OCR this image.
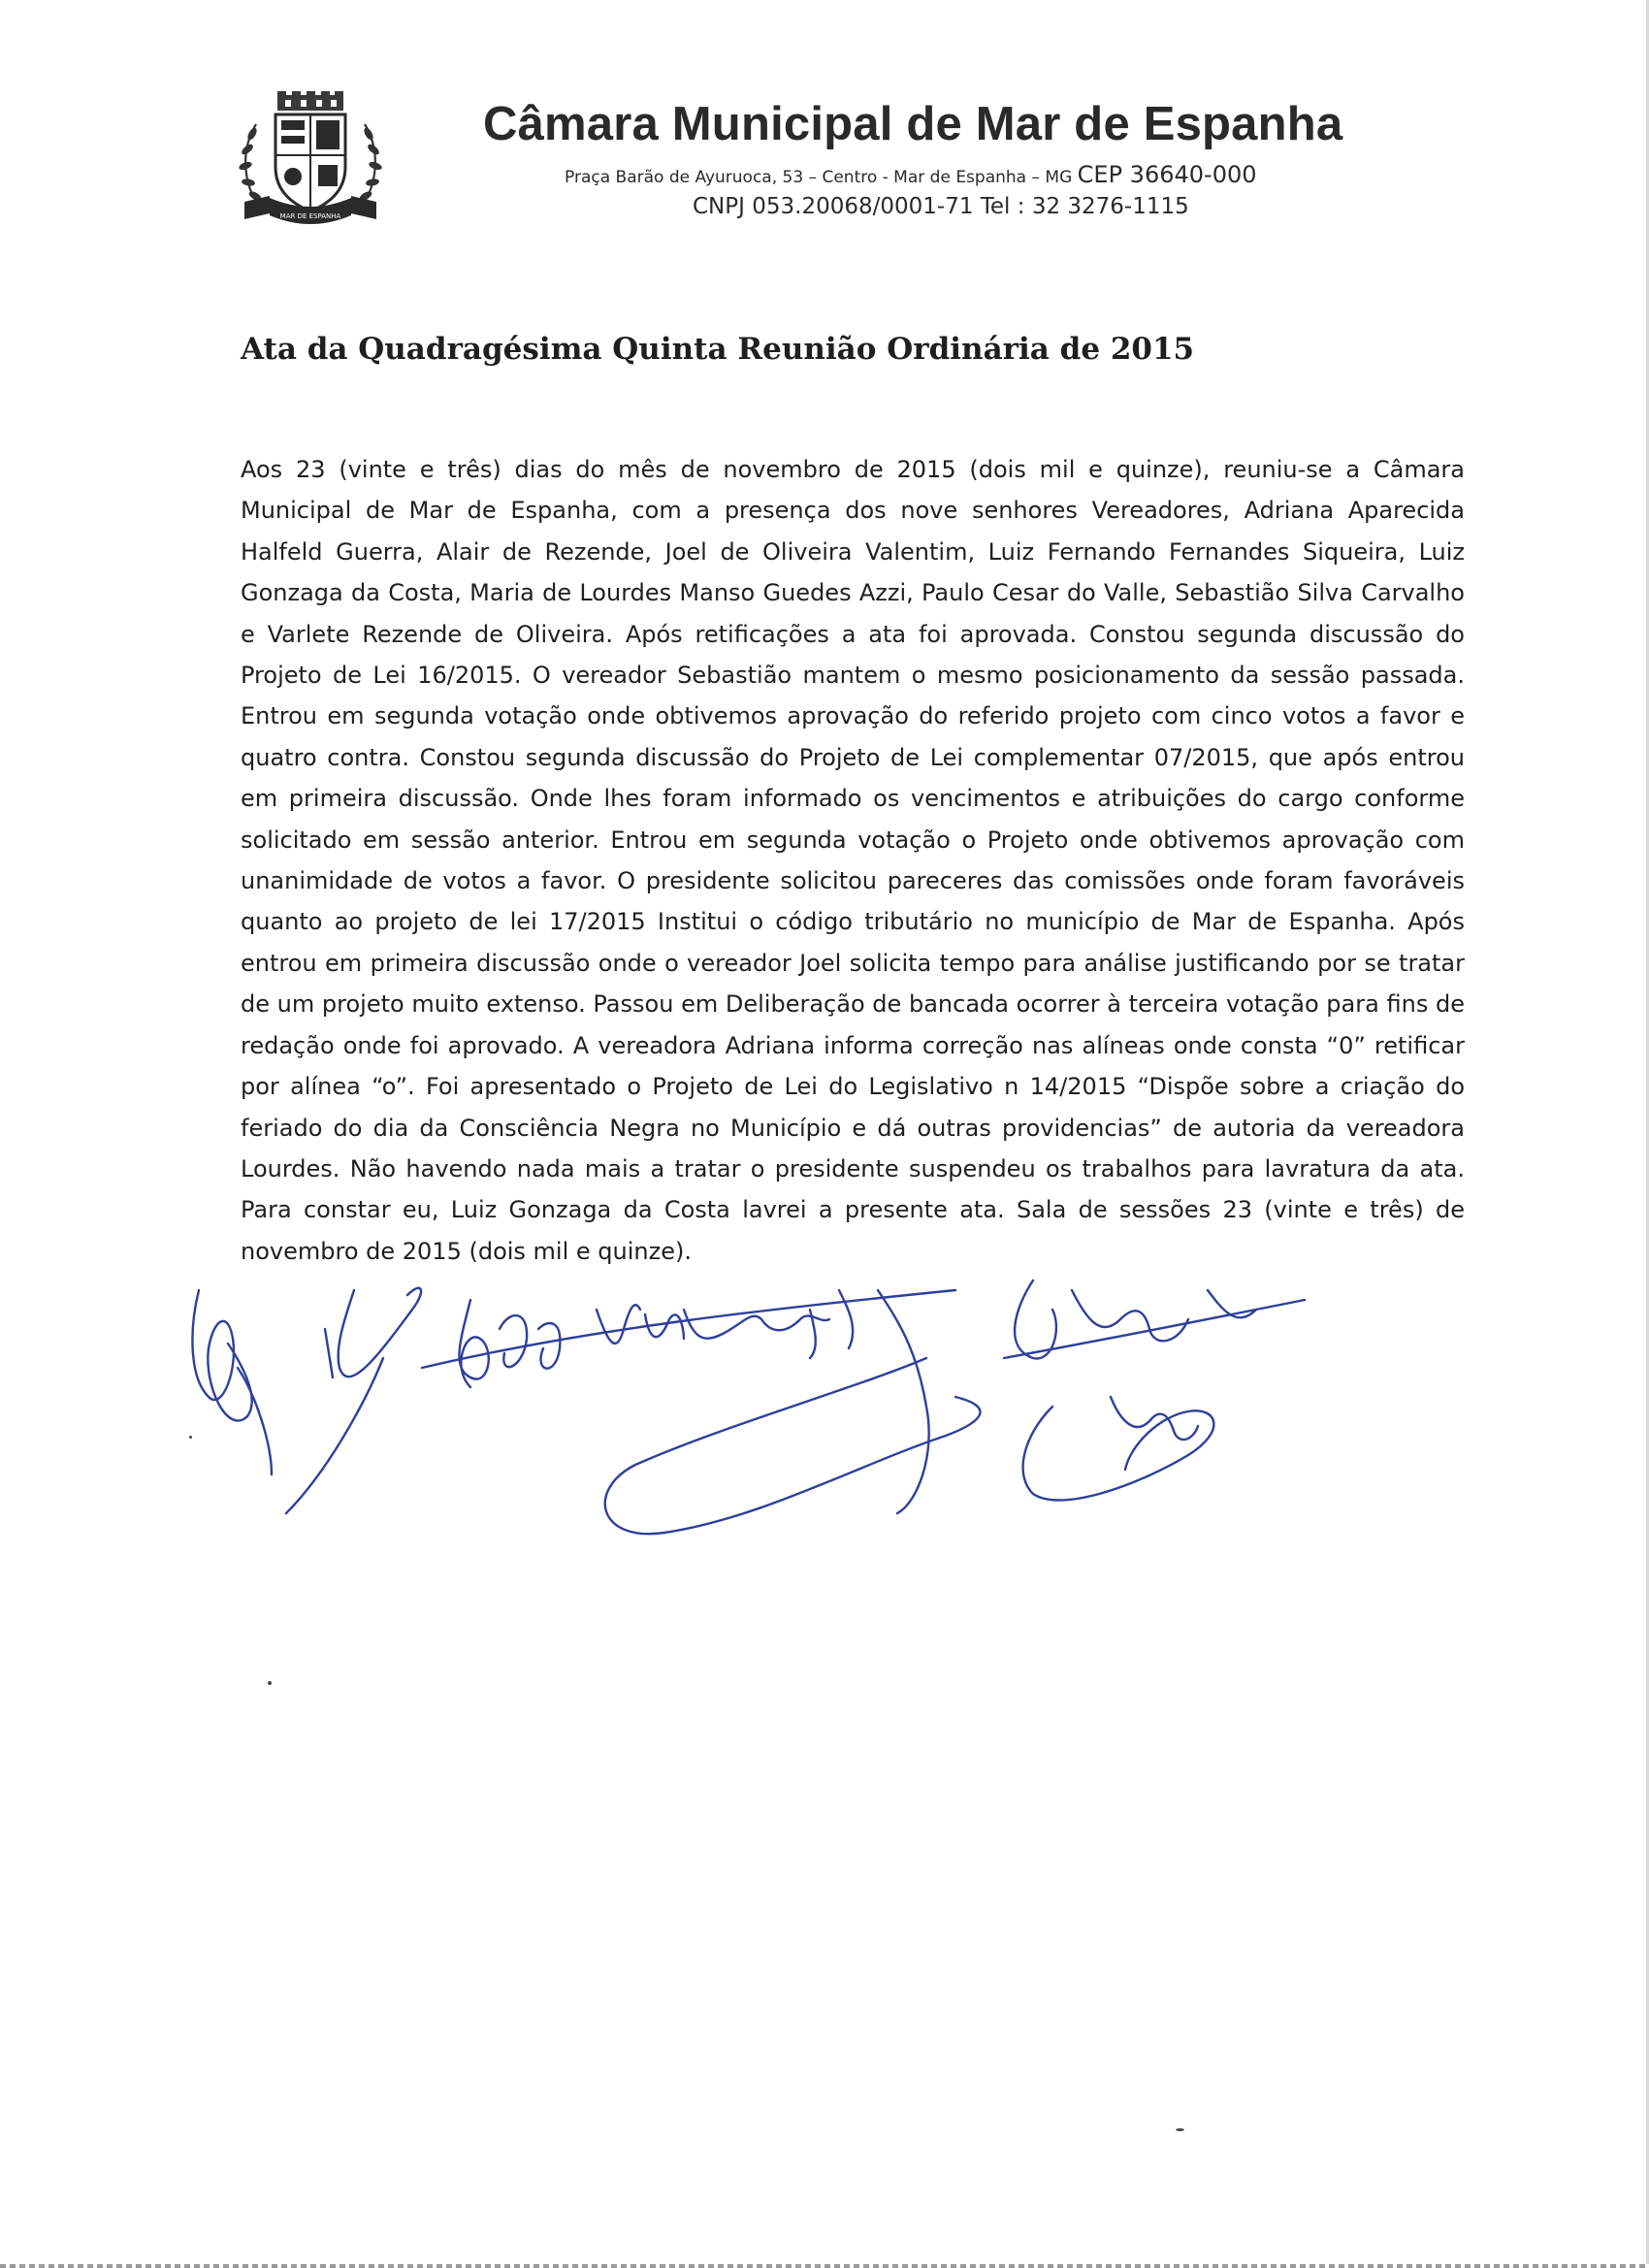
MAR DE ESPANHA
Câmara Municipal de Mar de Espanha
Praça Barão de Ayuruoca, 53 – Centro - Mar de Espanha – MG CEP 36640-000
CNPJ 053.20068/0001-71 Tel : 32 3276-1115
Ata da Quadragésima Quinta Reunião Ordinária de 2015
Aos 23 (vinte e três) dias do mês de novembro de 2015 (dois mil e quinze), reuniu-se a Câmara Municipal de Mar de Espanha, com a presença dos nove senhores Vereadores, Adriana Aparecida Halfeld Guerra, Alair de Rezende, Joel de Oliveira Valentim, Luiz Fernando Fernandes Siqueira, Luiz Gonzaga da Costa, Maria de Lourdes Manso Guedes Azzi, Paulo Cesar do Valle, Sebastião Silva Carvalho e Varlete Rezende de Oliveira. Após retificações a ata foi aprovada. Constou segunda discussão do Projeto de Lei 16/2015. O vereador Sebastião mantem o mesmo posicionamento da sessão passada. Entrou em segunda votação onde obtivemos aprovação do referido projeto com cinco votos a favor e quatro contra. Constou segunda discussão do Projeto de Lei complementar 07/2015, que após entrou em primeira discussão. Onde lhes foram informado os vencimentos e atribuições do cargo conforme solicitado em sessão anterior. Entrou em segunda votação o Projeto onde obtivemos aprovação com unanimidade de votos a favor. O presidente solicitou pareceres das comissões onde foram favoráveis quanto ao projeto de lei 17/2015 Institui o código tributário no município de Mar de Espanha. Após entrou em primeira discussão onde o vereador Joel solicita tempo para análise justificando por se tratar de um projeto muito extenso. Passou em Deliberação de bancada ocorrer à terceira votação para fins de redação onde foi aprovado. A vereadora Adriana informa correção nas alíneas onde consta “0” retificar por alínea “o”. Foi apresentado o Projeto de Lei do Legislativo n 14/2015 “Dispõe sobre a criação do feriado do dia da Consciência Negra no Município e dá outras providencias” de autoria da vereadora Lourdes. Não havendo nada mais a tratar o presidente suspendeu os trabalhos para lavratura da ata. Para constar eu, Luiz Gonzaga da Costa lavrei a presente ata. Sala de sessões 23 (vinte e três) de novembro de 2015 (dois mil e quinze).
